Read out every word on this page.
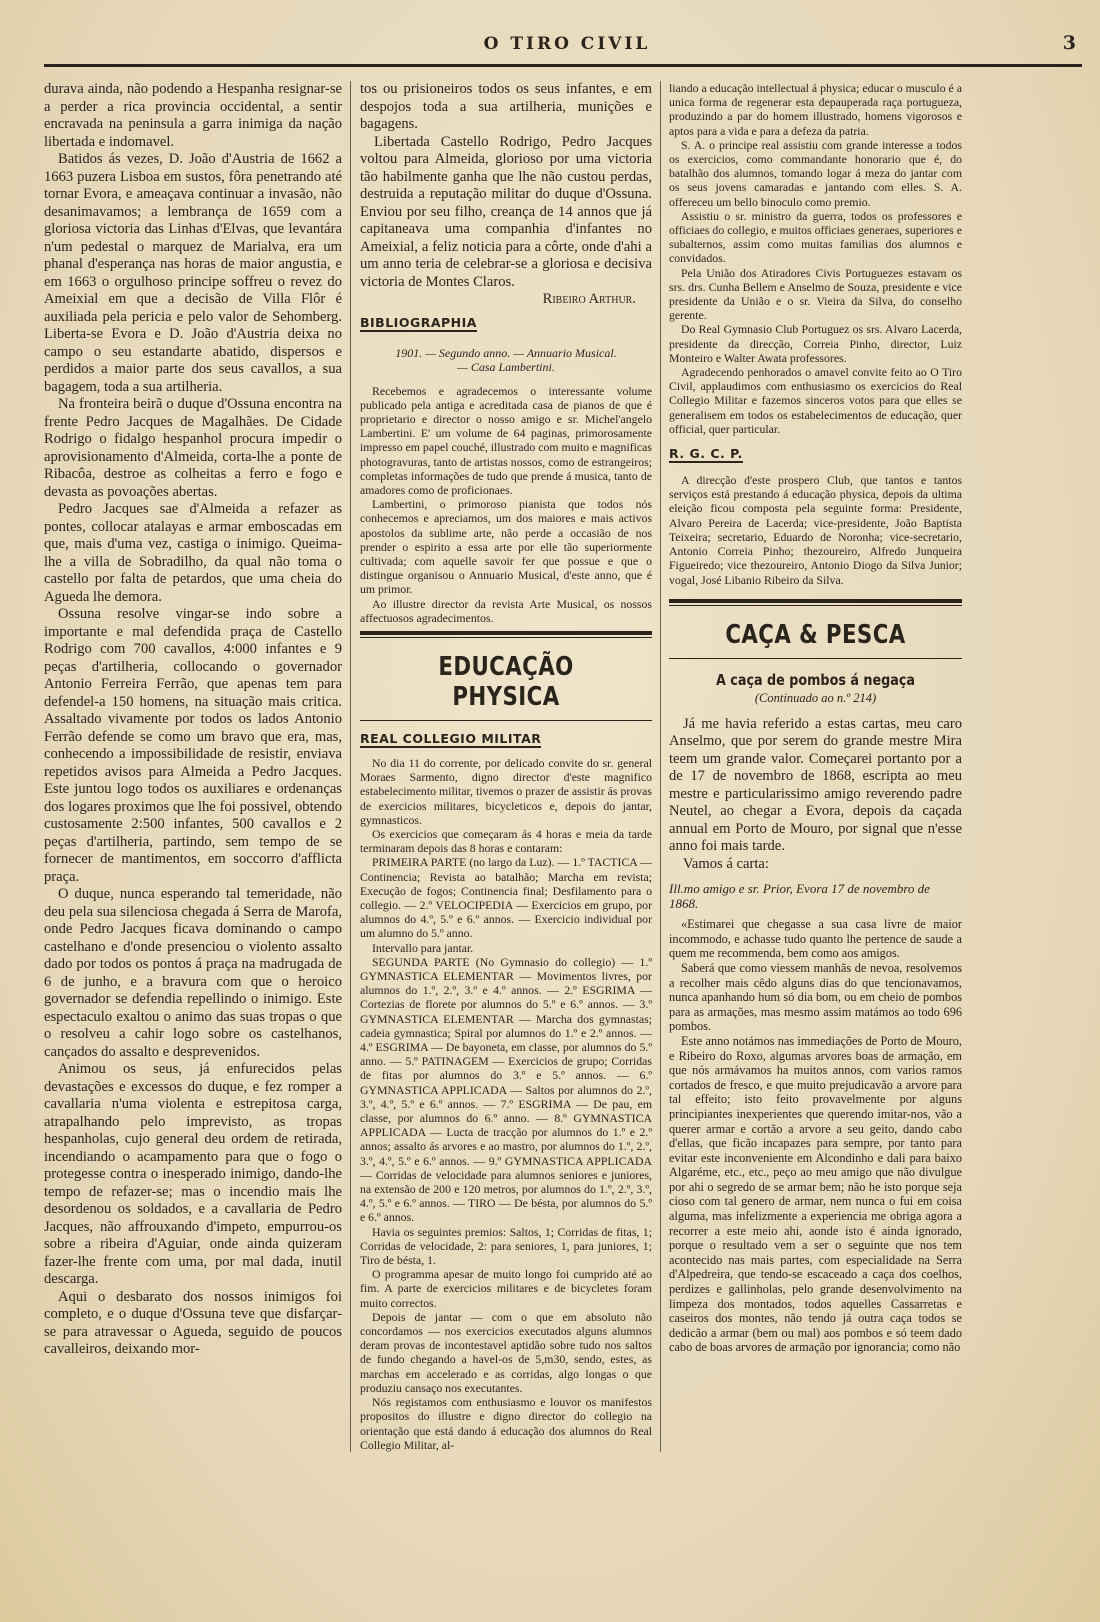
O TIRO CIVIL	3

durava ainda, não podendo a Hespanha resignar-se a perder a rica provincia occidental, a sentir encravada na peninsula a garra inimiga da nação libertada e indomavel.

Batidos ás vezes, D. João d'Austria de 1662 a 1663 puzera Lisboa em sustos, fôra penetrando até tornar Evora, e ameaçava continuar a invasão, não desanimavamos; a lembrança de 1659 com a gloriosa victoria das Linhas d'Elvas, que levantára n'um pedestal o marquez de Marialva, era um phanal d'esperança nas horas de maior angustia, e em 1663 o orgulhoso principe soffreu o revez do Ameixial em que a decisão de Villa Flôr é auxiliada pela pericia e pelo valor de Sehomberg. Liberta-se Evora e D. João d'Austria deixa no campo o seu estandarte abatido, dispersos e perdidos a maior parte dos seus cavallos, a sua bagagem, toda a sua artilheria.

Na fronteira beirã o duque d'Ossuna encontra na frente Pedro Jacques de Magalhães. De Cidade Rodrigo o fidalgo hespanhol procura impedir o aprovisionamento d'Almeida, corta-lhe a ponte de Ribacôa, destroe as colheitas a ferro e fogo e devasta as povoações abertas.

Pedro Jacques sae d'Almeida a refazer as pontes, collocar atalayas e armar emboscadas em que, mais d'uma vez, castiga o inimigo. Queima-lhe a villa de Sobradilho, da qual não toma o castello por falta de petardos, que uma cheia do Agueda lhe demora.

Ossuna resolve vingar-se indo sobre a importante e mal defendida praça de Castello Rodrigo com 700 cavallos, 4:000 infantes e 9 peças d'artilheria, collocando o governador Antonio Ferreira Ferrão, que apenas tem para defendel-a 150 homens, na situação mais critica. Assaltado vivamente por todos os lados Antonio Ferrão defende se como um bravo que era, mas, conhecendo a impossibilidade de resistir, enviava repetidos avisos para Almeida a Pedro Jacques. Este juntou logo todos os auxiliares e ordenanças dos logares proximos que lhe foi possivel, obtendo custosamente 2:500 infantes, 500 cavallos e 2 peças d'artilheria, partindo, sem tempo de se fornecer de mantimentos, em soccorro d'afflicta praça.

O duque, nunca esperando tal temeridade, não deu pela sua silenciosa chegada á Serra de Marofa, onde Pedro Jacques ficava dominando o campo castelhano e d'onde presenciou o violento assalto dado por todos os pontos á praça na madrugada de 6 de junho, e a bravura com que o heroico governador se defendia repellindo o inimigo. Este espectaculo exaltou o animo das suas tropas o que o resolveu a cahir logo sobre os castelhanos, cançados do assalto e desprevenidos.

Animou os seus, já enfurecidos pelas devastações e excessos do duque, e fez romper a cavallaria n'uma violenta e estrepitosa carga, atrapalhando pelo imprevisto, as tropas hespanholas, cujo general deu ordem de retirada, incendiando o acampamento para que o fogo o protegesse contra o inesperado inimigo, dando-lhe tempo de refazer-se; mas o incendio mais lhe desordenou os soldados, e a cavallaria de Pedro Jacques, não affrouxando d'impeto, empurrou-os sobre a ribeira d'Aguiar, onde ainda quizeram fazer-lhe frente com uma, por mal dada, inutil descarga.

Aqui o desbarato dos nossos inimigos foi completo, e o duque d'Ossuna teve que disfarçar-se para atravessar o Agueda, seguido de poucos cavalleiros, deixando mor-

tos ou prisioneiros todos os seus infantes, e em despojos toda a sua artilheria, munições e bagagens.

Libertada Castello Rodrigo, Pedro Jacques voltou para Almeida, glorioso por uma victoria tão habilmente ganha que lhe não custou perdas, destruida a reputação militar do duque d'Ossuna. Enviou por seu filho, creança de 14 annos que já capitaneava uma companhia d'infantes no Ameixial, a feliz noticia para a côrte, onde d'ahi a um anno teria de celebrar-se a gloriosa e decisiva victoria de Montes Claros.

Ribeiro Arthur.

BIBLIOGRAPHIA
1901. — Segundo anno. — Annuario Musical.
— Casa Lambertini.

Recebemos e agradecemos o interessante volume publicado pela antiga e acreditada casa de pianos de que é proprietario e director o nosso amigo e sr. Michel'angelo Lambertini. E' um volume de 64 paginas, primorosamente impresso em papel couché, illustrado com muito e magnificas photogravuras, tanto de artistas nossos, como de estrangeiros; completas informações de tudo que prende á musica, tanto de amadores como de proficionaes.

Lambertini, o primoroso pianista que todos nós conhecemos e apreciamos, um dos maiores e mais activos apostolos da sublime arte, não perde a occasião de nos prender o espirito a essa arte por elle tão superiormente cultivada; com aquelle savoir fer que possue e que o distingue organisou o Annuario Musical, d'este anno, que é um primor.

Ao illustre director da revista Arte Musical, os nossos affectuosos agradecimentos.

EDUCAÇÃO PHYSICA
REAL COLLEGIO MILITAR

No dia 11 do corrente, por delicado convite do sr. general Moraes Sarmento, digno director d'este magnifico estabelecimento militar, tivemos o prazer de assistir ás provas de exercicios militares, bicycleticos e, depois do jantar, gymnasticos.

Os exercicios que começaram ás 4 horas e meia da tarde terminaram depois das 8 horas e contaram:

PRIMEIRA PARTE (no largo da Luz). — 1.º TACTICA — Continencia; Revista ao batalhão; Marcha em revista; Execução de fogos; Continencia final; Desfilamento para o collegio. — 2.º VELOCIPEDIA — Exercicios em grupo, por alumnos do 4.º, 5.º e 6.º annos. — Exercicio individual por um alumno do 5.º anno.

Intervallo para jantar.

SEGUNDA PARTE (No Gymnasio do collegio) — 1.º GYMNASTICA ELEMENTAR — Movimentos livres, por alumnos do 1.º, 2.º, 3.º e 4.º annos. — 2.º ESGRIMA — Cortezias de florete por alumnos do 5.º e 6.º annos. — 3.º GYMNASTICA ELEMENTAR — Marcha dos gymnastas; cadeia gymnastica; Spiral por alumnos do 1.º e 2.º annos. — 4.º ESGRIMA — De bayoneta, em classe, por alumnos do 5.º anno. — 5.º PATINAGEM — Exercicios de grupo; Corridas de fitas por alumnos do 3.º e 5.º annos. — 6.º GYMNASTICA APPLICADA — Saltos por alumnos do 2.º, 3.º, 4.º, 5.º e 6.º annos. — 7.º ESGRIMA — De pau, em classe, por alumnos do 6.º anno. — 8.º GYMNASTICA APPLICADA — Lucta de tracção por alumnos do 1.º e 2.º annos; assalto ás arvores e ao mastro, por alumnos do 1.º, 2.º, 3.º, 4.º, 5.º e 6.º annos. — 9.º GYMNASTICA APPLICADA — Corridas de velocidade para alumnos seniores e juniores, na extensão de 200 e 120 metros, por alumnos do 1.º, 2.º, 3.º, 4.º, 5.º e 6.º annos. — TIRO — De bésta, por alumnos do 5.º e 6.º annos.

Havia os seguintes premios: Saltos, 1; Corridas de fitas, 1; Corridas de velocidade, 2: para seniores, 1, para juniores, 1; Tiro de bésta, 1.

O programma apesar de muito longo foi cumprido até ao fim. A parte de exercicios militares e de bicycletes foram muito correctos.

Depois de jantar — com o que em absoluto não concordamos — nos exercicios executados alguns alumnos deram provas de incontestavel aptidão sobre tudo nos saltos de fundo chegando a havel-os de 5,m30, sendo, estes, as marchas em accelerado e as corridas, algo longas o que produziu cansaço nos executantes.

Nós registamos com enthusiasmo e louvor os manifestos propositos do illustre e digno director do collegio na orientação que está dando á educação dos alumnos do Real Collegio Militar, al-

liando a educação intellectual á physica; educar o musculo é a unica forma de regenerar esta depauperada raça portugueza, produzindo a par do homem illustrado, homens vigorosos e aptos para a vida e para a defeza da patria.

S. A. o principe real assistiu com grande interesse a todos os exercicios, como commandante honorario que é, do batalhão dos alumnos, tomando logar á meza do jantar com os seus jovens camaradas e jantando com elles. S. A. offereceu um bello binoculo como premio.

Assistiu o sr. ministro da guerra, todos os professores e officiaes do collegio, e muitos officiaes generaes, superiores e subalternos, assim como muitas familias dos alumnos e convidados.

Pela União dos Atiradores Civis Portuguezes estavam os srs. drs. Cunha Bellem e Anselmo de Souza, presidente e vice presidente da União e o sr. Vieira da Silva, do conselho gerente.

Do Real Gymnasio Club Portuguez os srs. Alvaro Lacerda, presidente da direcção, Correia Pinho, director, Luiz Monteiro e Walter Awata professores.

Agradecendo penhorados o amavel convite feito ao O Tiro Civil, applaudimos com enthusiasmo os exercicios do Real Collegio Militar e fazemos sinceros votos para que elles se generalisem em todos os estabelecimentos de educação, quer official, quer particular.

R. G. C. P.

A direcção d'este prospero Club, que tantos e tantos serviços está prestando á educação physica, depois da ultima eleição ficou composta pela seguinte forma: Presidente, Alvaro Pereira de Lacerda; vice-presidente, João Baptista Teixeira; secretario, Eduardo de Noronha; vice-secretario, Antonio Correia Pinho; thezoureiro, Alfredo Junqueira Figueiredo; vice thezoureiro, Antonio Diogo da Silva Junior; vogal, José Libanio Ribeiro da Silva.

CAÇA & PESCA
A caça de pombos á negaça
(Continuado ao n.º 214)

Já me havia referido a estas cartas, meu caro Anselmo, que por serem do grande mestre Mira teem um grande valor. Começarei portanto por a de 17 de novembro de 1868, escripta ao meu mestre e particularissimo amigo reverendo padre Neutel, ao chegar a Evora, depois da caçada annual em Porto de Mouro, por signal que n'esse anno foi mais tarde.

Vamos á carta:

Ill.mo amigo e sr. Prior, Evora 17 de novembro de 1868.

«Estimarei que chegasse a sua casa livre de maior incommodo, e achasse tudo quanto lhe pertence de saude a quem me recommenda, bem como aos amigos.

Saberá que como viessem manhãs de nevoa, resolvemos a recolher mais cêdo alguns dias do que tencionavamos, nunca apanhando hum só dia bom, ou em cheio de pombos para as armações, mas mesmo assim matámos ao todo 696 pombos.

Este anno notámos nas immediações de Porto de Mouro, e Ribeiro do Roxo, algumas arvores boas de armação, em que nós armávamos ha muitos annos, com varios ramos cortados de fresco, e que muito prejudicavão a arvore para tal effeito; isto feito provavelmente por alguns principiantes inexperientes que querendo imitar-nos, vão a querer armar e cortão a arvore a seu geito, dando cabo d'ellas, que ficão incapazes para sempre, por tanto para evitar este inconveniente em Alcondinho e dali para baixo Algaréme, etc., etc., peço ao meu amigo que não divulgue por ahi o segredo de se armar bem; não he isto porque seja cioso com tal genero de armar, nem nunca o fui em coisa alguma, mas infelizmente a experiencia me obriga agora a recorrer a este meio ahi, aonde isto é ainda ignorado, porque o resultado vem a ser o seguinte que nos tem acontecido nas mais partes, com especialidade na Serra d'Alpedreira, que tendo-se escaceado a caça dos coelhos, perdizes e gallinholas, pelo grande desenvolvimento na limpeza dos montados, todos aquelles Cassarretas e caseiros dos montes, não tendo já outra caça todos se dedicão a armar (bem ou mal) aos pombos e só teem dado cabo de boas arvores de armação por ignorancia; como não
